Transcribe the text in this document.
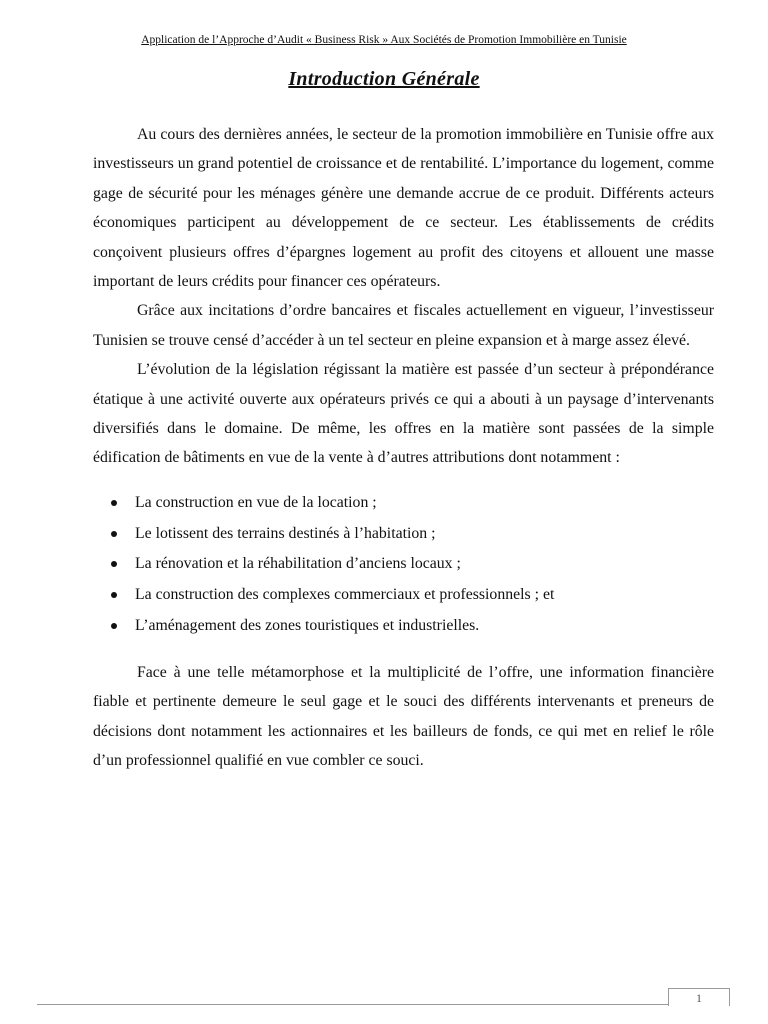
Application de l’Approche d’Audit « Business Risk » Aux Sociétés de Promotion Immobilière en Tunisie
Introduction Générale

Au cours des dernières années, le secteur de la promotion immobilière en Tunisie offre aux investisseurs un grand potentiel de croissance et de rentabilité. L’importance du logement, comme gage de sécurité pour les ménages génère une demande accrue de ce produit. Différents acteurs économiques participent au développement de ce secteur. Les établissements de crédits conçoivent plusieurs offres d’épargnes logement au profit des citoyens et allouent une masse important de leurs crédits pour financer ces opérateurs.

Grâce aux incitations d’ordre bancaires et fiscales actuellement en vigueur, l’investisseur Tunisien se trouve censé d’accéder à un tel secteur en pleine expansion et à marge assez élevé.

L’évolution de la législation régissant la matière est passée d’un secteur à prépondérance étatique à une activité ouverte aux opérateurs privés ce qui a abouti à un paysage d’intervenants diversifiés dans le domaine. De même, les offres en la matière sont passées de la simple édification de bâtiments en vue de la vente à d’autres attributions dont notamment :

La construction en vue de la location ;
Le lotissent des terrains destinés à l’habitation ;
La rénovation et la réhabilitation d’anciens locaux ;
La construction des complexes commerciaux et professionnels ; et
L’aménagement des zones touristiques et industrielles.

Face à une telle métamorphose et la multiplicité de l’offre, une information financière fiable et pertinente demeure le seul gage et le souci des différents intervenants et preneurs de décisions dont notamment les actionnaires et les bailleurs de fonds, ce qui met en relief le rôle d’un professionnel qualifié en vue combler ce souci.

1
